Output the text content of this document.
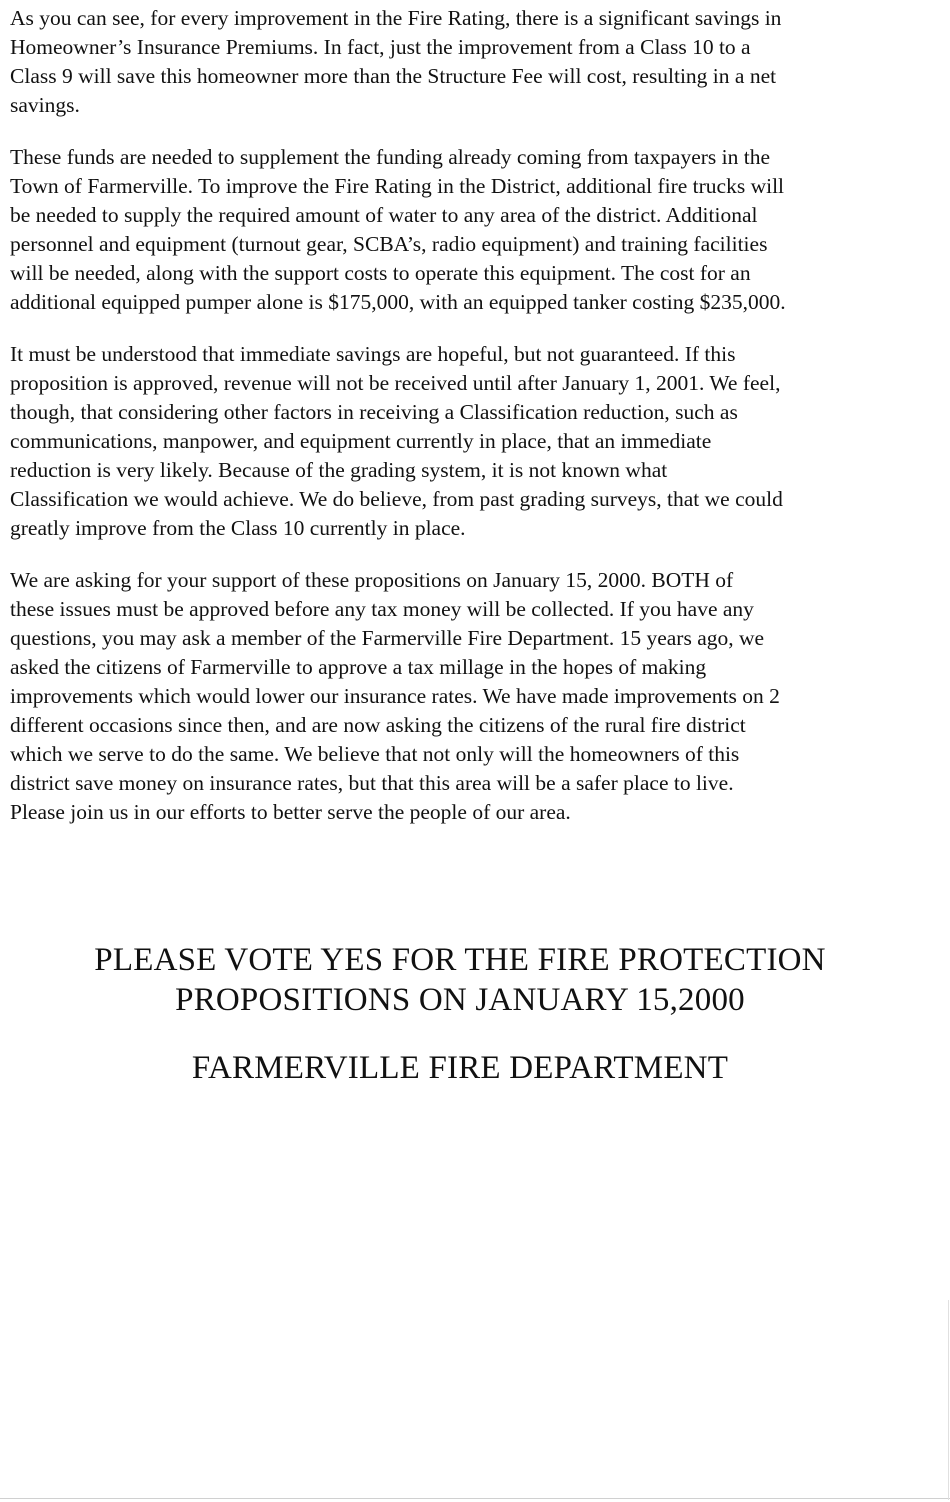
As you can see, for every improvement in the Fire Rating, there is a significant savings in
Homeowner’s Insurance Premiums. In fact, just the improvement from a Class 10 to a
Class 9 will save this homeowner more than the Structure Fee will cost, resulting in a net
savings.

These funds are needed to supplement the funding already coming from taxpayers in the
Town of Farmerville. To improve the Fire Rating in the District, additional fire trucks will
be needed to supply the required amount of water to any area of the district. Additional
personnel and equipment (turnout gear, SCBA’s, radio equipment) and training facilities
will be needed, along with the support costs to operate this equipment. The cost for an
additional equipped pumper alone is $175,000, with an equipped tanker costing $235,000.

It must be understood that immediate savings are hopeful, but not guaranteed. If this
proposition is approved, revenue will not be received until after January 1, 2001. We feel,
though, that considering other factors in receiving a Classification reduction, such as
communications, manpower, and equipment currently in place, that an immediate
reduction is very likely. Because of the grading system, it is not known what
Classification we would achieve. We do believe, from past grading surveys, that we could
greatly improve from the Class 10 currently in place.

We are asking for your support of these propositions on January 15, 2000. BOTH of
these issues must be approved before any tax money will be collected. If you have any
questions, you may ask a member of the Farmerville Fire Department. 15 years ago, we
asked the citizens of Farmerville to approve a tax millage in the hopes of making
improvements which would lower our insurance rates. We have made improvements on 2
different occasions since then, and are now asking the citizens of the rural fire district
which we serve to do the same. We believe that not only will the homeowners of this
district save money on insurance rates, but that this area will be a safer place to live.
Please join us in our efforts to better serve the people of our area.

PLEASE VOTE YES FOR THE FIRE PROTECTION
PROPOSITIONS ON JANUARY 15,2000

FARMERVILLE FIRE DEPARTMENT
